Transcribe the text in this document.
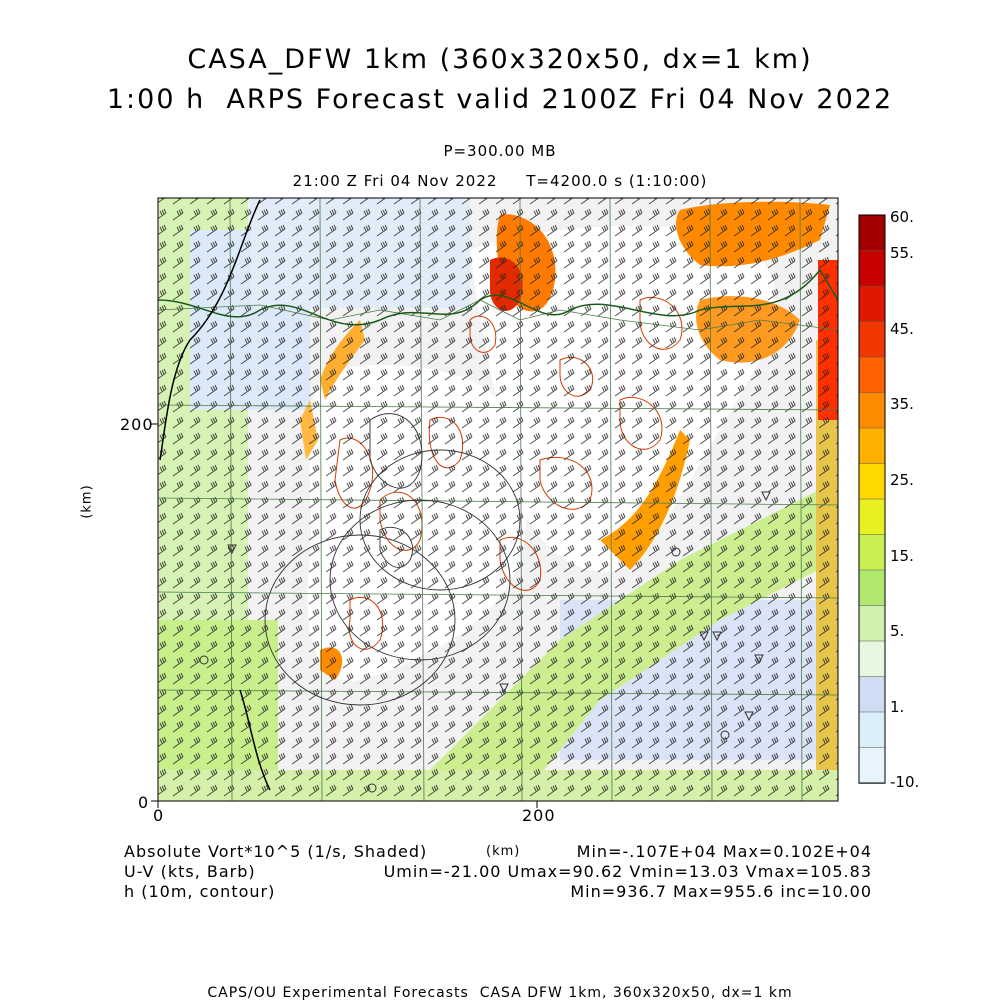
CASA_DFW 1km (360x320x50, dx=1 km)
1:00 h  ARPS Forecast valid 2100Z Fri 04 Nov 2022
P=300.00 MB
21:00 Z Fri 04 Nov 2022     T=4200.0 s (1:10:00)
0
200
0	200
(km)
(km)
60.
55.
45.
35.
25.
15.
5.
1.
-10.
Absolute Vort*10^5 (1/s, Shaded)
U-V (kts, Barb)
h (10m, contour)
Min=-.107E+04 Max=0.102E+04
Umin=-21.00 Umax=90.62 Vmin=13.03 Vmax=105.83
Min=936.7 Max=955.6 inc=10.00
CAPS/OU Experimental Forecasts  CASA DFW 1km, 360x320x50, dx=1 km
